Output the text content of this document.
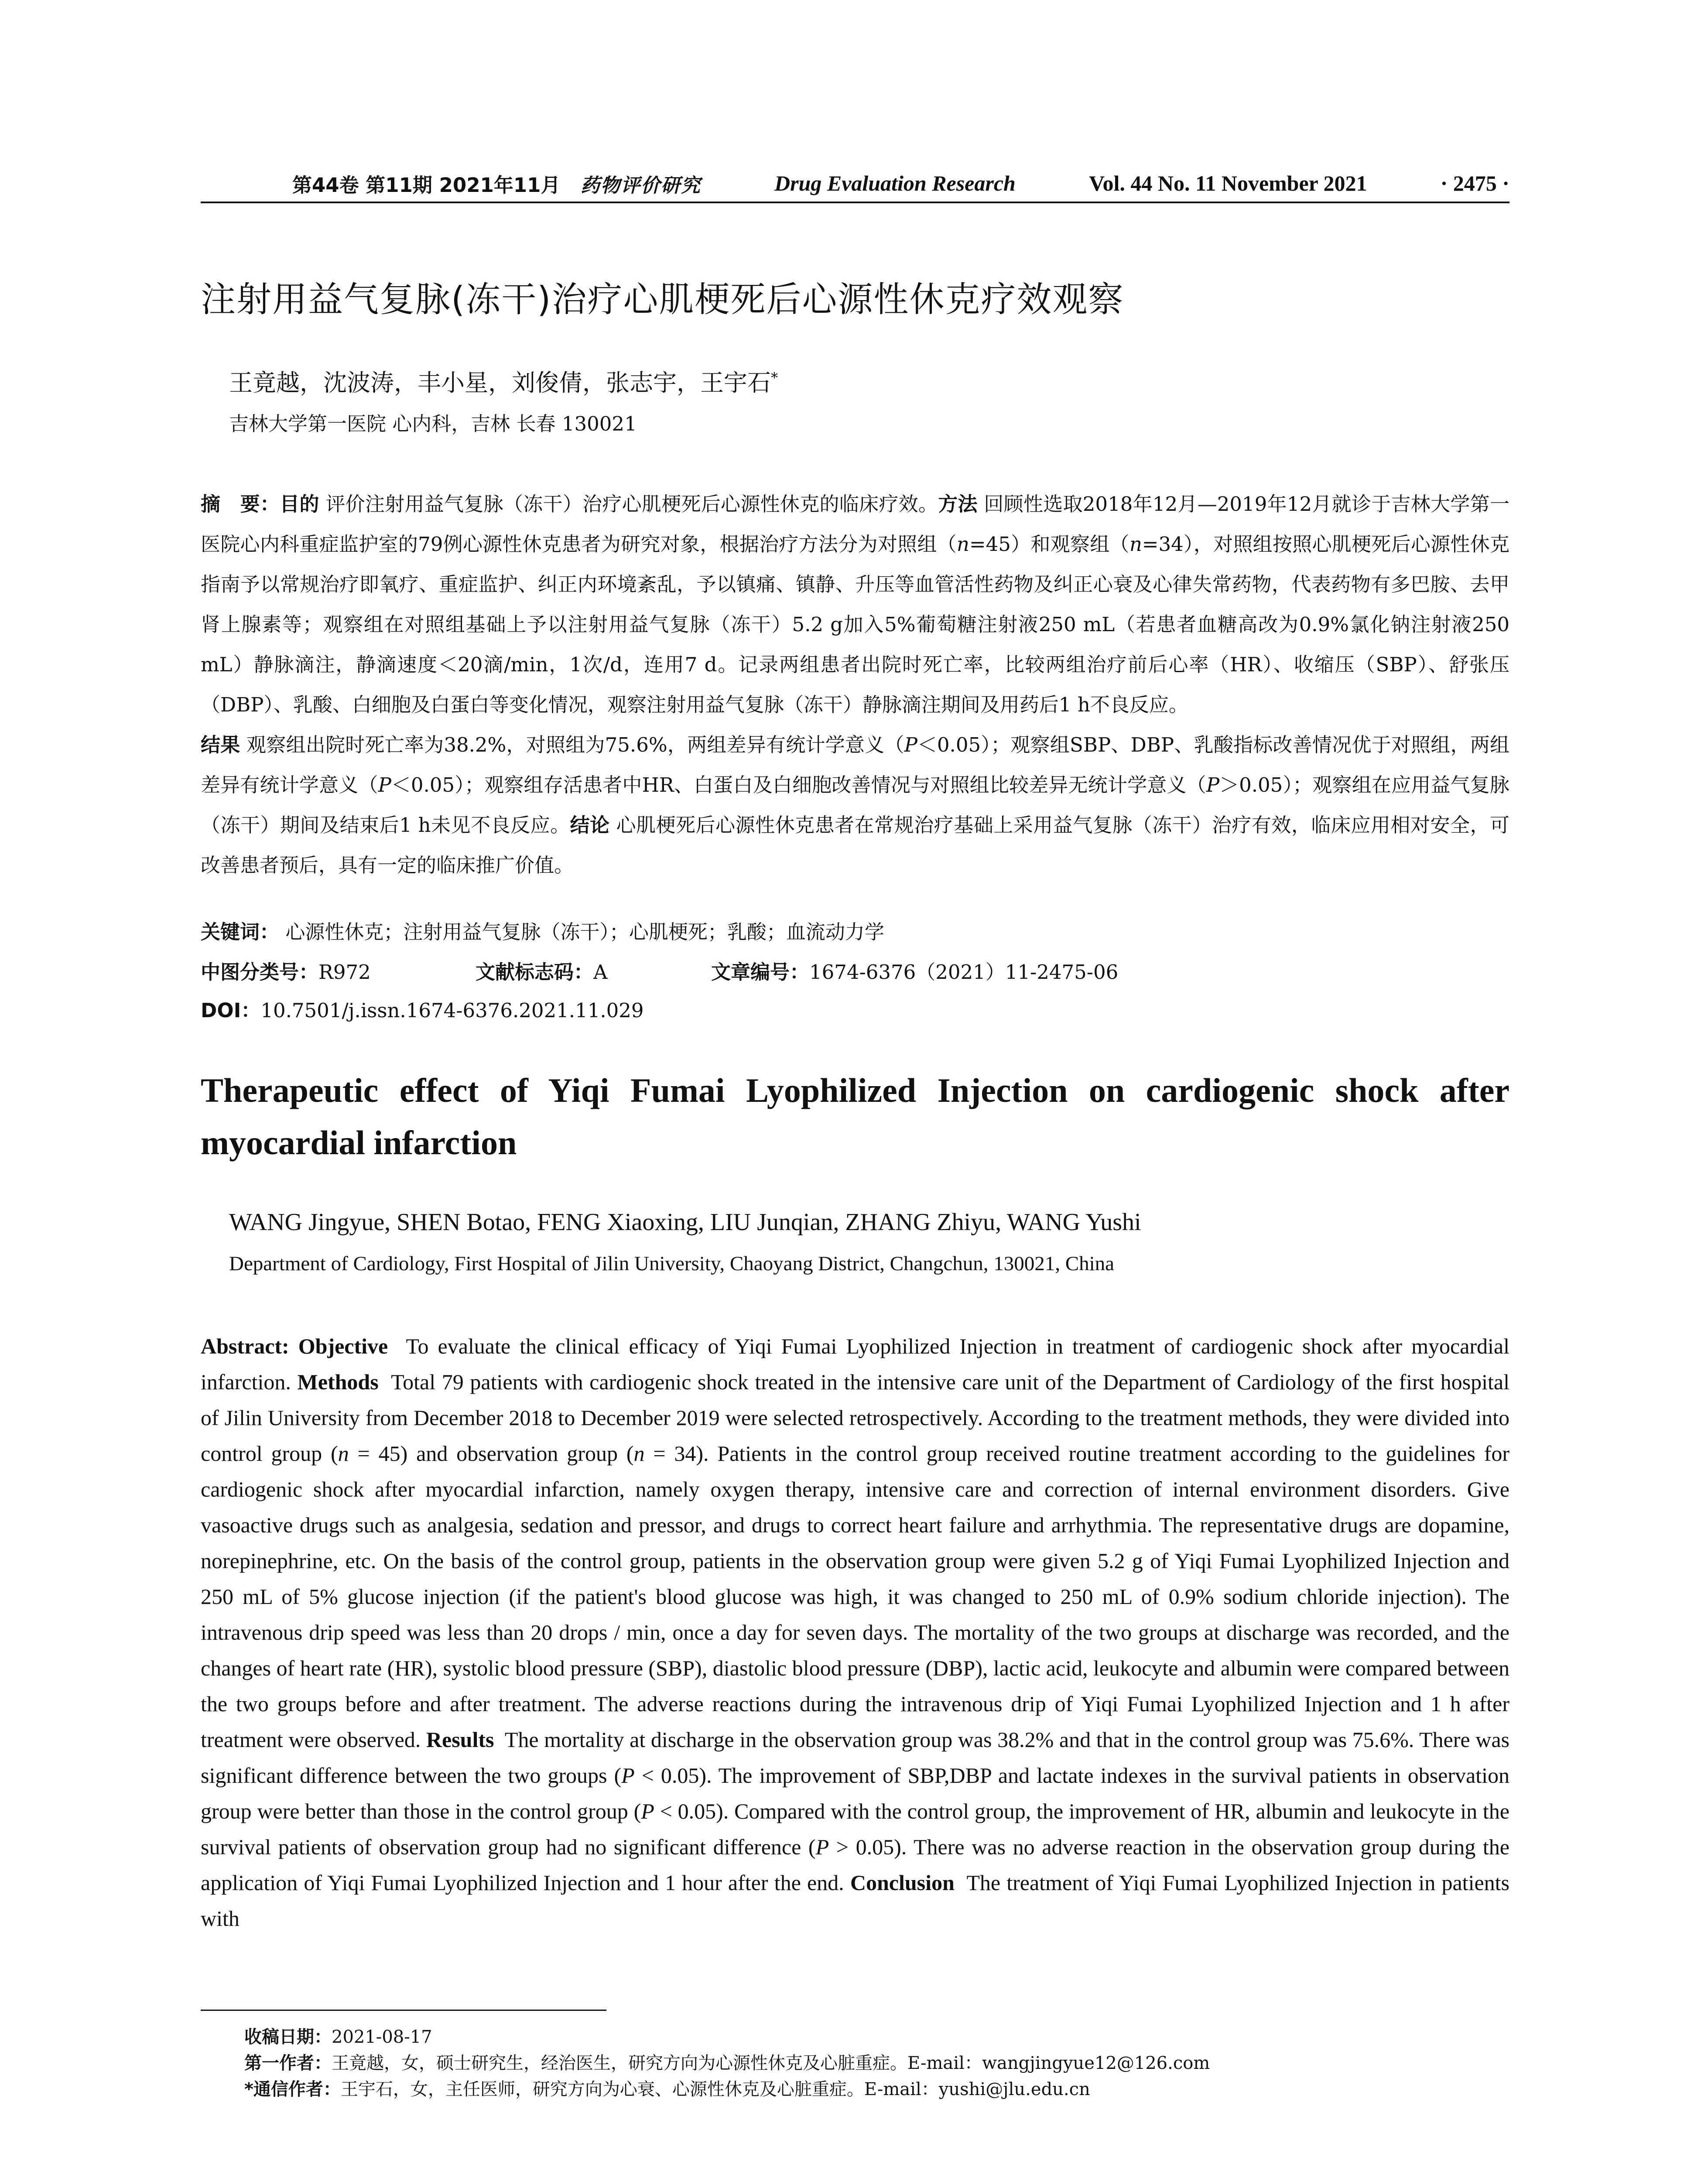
第44卷 第11期 2021年11月 药物评价研究	Drug Evaluation Research	Vol. 44 No. 11 November 2021	· 2475 ·
注射用益气复脉(冻干)治疗心肌梗死后心源性休克疗效观察
王竟越，沈波涛，丰小星，刘俊倩，张志宇，王宇石*
吉林大学第一医院 心内科，吉林 长春 130021
摘　要：目的 评价注射用益气复脉（冻干）治疗心肌梗死后心源性休克的临床疗效。方法 回顾性选取2018年12月—2019年12月就诊于吉林大学第一医院心内科重症监护室的79例心源性休克患者为研究对象，根据治疗方法分为对照组（n=45）和观察组（n=34），对照组按照心肌梗死后心源性休克指南予以常规治疗即氧疗、重症监护、纠正内环境紊乱，予以镇痛、镇静、升压等血管活性药物及纠正心衰及心律失常药物，代表药物有多巴胺、去甲肾上腺素等；观察组在对照组基础上予以注射用益气复脉（冻干）5.2 g加入5%葡萄糖注射液250 mL（若患者血糖高改为0.9%氯化钠注射液250 mL）静脉滴注，静滴速度＜20滴/min，1次/d，连用7 d。记录两组患者出院时死亡率，比较两组治疗前后心率（HR）、收缩压（SBP）、舒张压（DBP）、乳酸、白细胞及白蛋白等变化情况，观察注射用益气复脉（冻干）静脉滴注期间及用药后1 h不良反应。
结果 观察组出院时死亡率为38.2%，对照组为75.6%，两组差异有统计学意义（P＜0.05）；观察组SBP、DBP、乳酸指标改善情况优于对照组，两组差异有统计学意义（P＜0.05）；观察组存活患者中HR、白蛋白及白细胞改善情况与对照组比较差异无统计学意义（P＞0.05）；观察组在应用益气复脉（冻干）期间及结束后1 h未见不良反应。结论 心肌梗死后心源性休克患者在常规治疗基础上采用益气复脉（冻干）治疗有效，临床应用相对安全，可改善患者预后，具有一定的临床推广价值。
关键词： 心源性休克；注射用益气复脉（冻干）；心肌梗死；乳酸；血流动力学
中图分类号：R972	文献标志码：A	文章编号：1674-6376（2021）11-2475-06
DOI：10.7501/j.issn.1674-6376.2021.11.029
Therapeutic effect of Yiqi Fumai Lyophilized Injection on cardiogenic shock after myocardial infarction
WANG Jingyue, SHEN Botao, FENG Xiaoxing, LIU Junqian, ZHANG Zhiyu, WANG Yushi
Department of Cardiology, First Hospital of Jilin University, Chaoyang District, Changchun, 130021, China
Abstract: Objective To evaluate the clinical efficacy of Yiqi Fumai Lyophilized Injection in treatment of cardiogenic shock after myocardial infarction. Methods Total 79 patients with cardiogenic shock treated in the intensive care unit of the Department of Cardiology of the first hospital of Jilin University from December 2018 to December 2019 were selected retrospectively. According to the treatment methods, they were divided into control group (n = 45) and observation group (n = 34). Patients in the control group received routine treatment according to the guidelines for cardiogenic shock after myocardial infarction, namely oxygen therapy, intensive care and correction of internal environment disorders. Give vasoactive drugs such as analgesia, sedation and pressor, and drugs to correct heart failure and arrhythmia. The representative drugs are dopamine, norepinephrine, etc. On the basis of the control group, patients in the observation group were given 5.2 g of Yiqi Fumai Lyophilized Injection and 250 mL of 5% glucose injection (if the patient's blood glucose was high, it was changed to 250 mL of 0.9% sodium chloride injection). The intravenous drip speed was less than 20 drops / min, once a day for seven days. The mortality of the two groups at discharge was recorded, and the changes of heart rate (HR), systolic blood pressure (SBP), diastolic blood pressure (DBP), lactic acid, leukocyte and albumin were compared between the two groups before and after treatment. The adverse reactions during the intravenous drip of Yiqi Fumai Lyophilized Injection and 1 h after treatment were observed. Results The mortality at discharge in the observation group was 38.2% and that in the control group was 75.6%. There was significant difference between the two groups (P < 0.05). The improvement of SBP,DBP and lactate indexes in the survival patients in observation group were better than those in the control group (P < 0.05). Compared with the control group, the improvement of HR, albumin and leukocyte in the survival patients of observation group had no significant difference (P > 0.05). There was no adverse reaction in the observation group during the application of Yiqi Fumai Lyophilized Injection and 1 hour after the end. Conclusion The treatment of Yiqi Fumai Lyophilized Injection in patients with
收稿日期：2021-08-17
第一作者：王竟越，女，硕士研究生，经治医生，研究方向为心源性休克及心脏重症。E-mail：wangjingyue12@126.com
*通信作者：王宇石，女，主任医师，研究方向为心衰、心源性休克及心脏重症。E-mail：yushi@jlu.edu.cn
